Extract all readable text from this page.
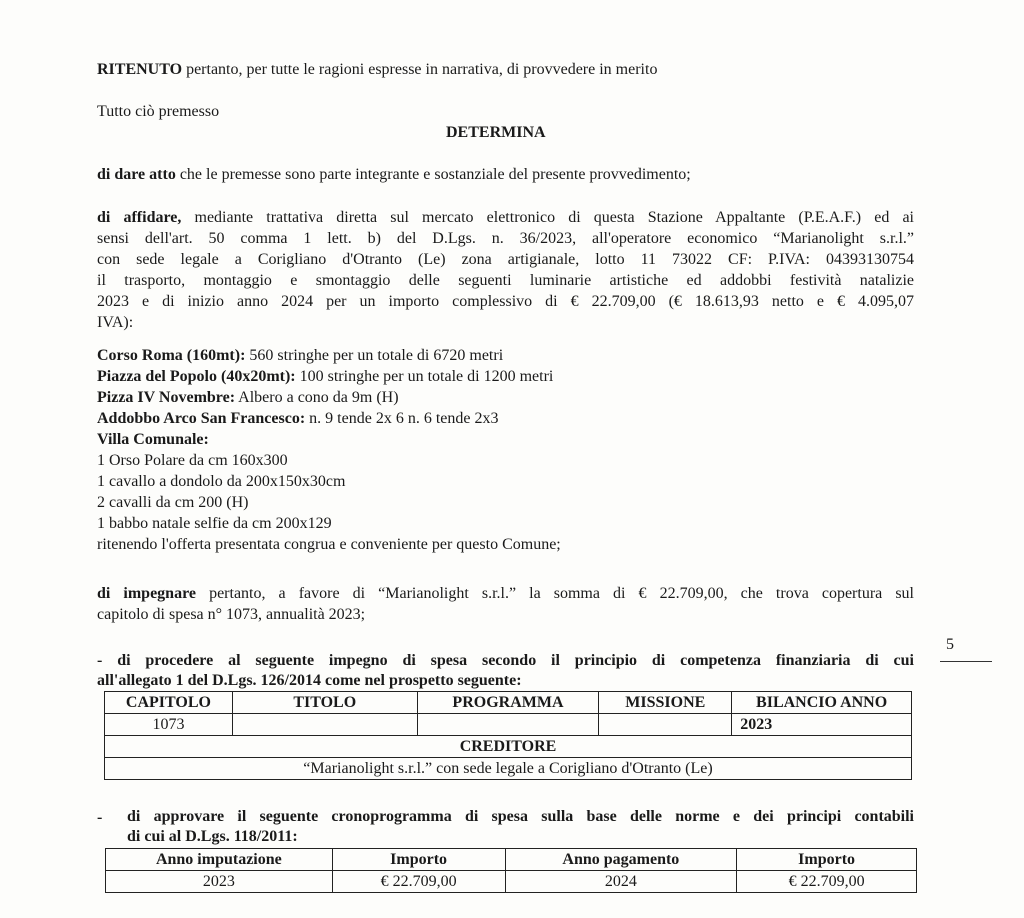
RITENUTO pertanto, per tutte le ragioni espresse in narrativa, di provvedere in merito
Tutto ciò premesso
DETERMINA
di dare atto che le premesse sono parte integrante e sostanziale del presente provvedimento;
di affidare, mediante trattativa diretta sul mercato elettronico di questa Stazione Appaltante (P.E.A.F.) ed ai
sensi dell'art. 50 comma 1 lett. b) del D.Lgs. n. 36/2023, all'operatore economico “Marianolight s.r.l.”
con sede legale a Corigliano d'Otranto (Le) zona artigianale, lotto 11 73022 CF: P.IVA: 04393130754
il trasporto, montaggio e smontaggio delle seguenti luminarie artistiche ed addobbi festività natalizie
2023 e di inizio anno 2024 per un importo complessivo di € 22.709,00 (€ 18.613,93 netto e € 4.095,07
IVA):
Corso Roma (160mt): 560 stringhe per un totale di 6720 metri
Piazza del Popolo (40x20mt): 100 stringhe per un totale di 1200 metri
Pizza IV Novembre: Albero a cono da 9m (H)
Addobbo Arco San Francesco: n. 9 tende 2x 6 n. 6 tende 2x3
Villa Comunale:
1 Orso Polare da cm 160x300
1 cavallo a dondolo da 200x150x30cm
2 cavalli da cm 200 (H)
1 babbo natale selfie da cm 200x129
ritenendo l'offerta presentata congrua e conveniente per questo Comune;
di impegnare pertanto, a favore di “Marianolight s.r.l.” la somma di € 22.709,00, che trova copertura sul
capitolo di spesa n° 1073, annualità 2023;
- di procedere al seguente impegno di spesa secondo il principio di competenza finanziaria di cui
all'allegato 1 del D.Lgs. 126/2014 come nel prospetto seguente:
CAPITOLO	TITOLO	PROGRAMMA	MISSIONE	BILANCIO ANNO
1073				2023
CREDITORE				
“Marianolight s.r.l.” con sede legale a Corigliano d'Otranto (Le)				
- di approvare il seguente cronoprogramma di spesa sulla base delle norme e dei principi contabili
di cui al D.Lgs. 118/2011:
Anno imputazione	Importo	Anno pagamento	Importo
2023	€ 22.709,00	2024	€ 22.709,00
5
